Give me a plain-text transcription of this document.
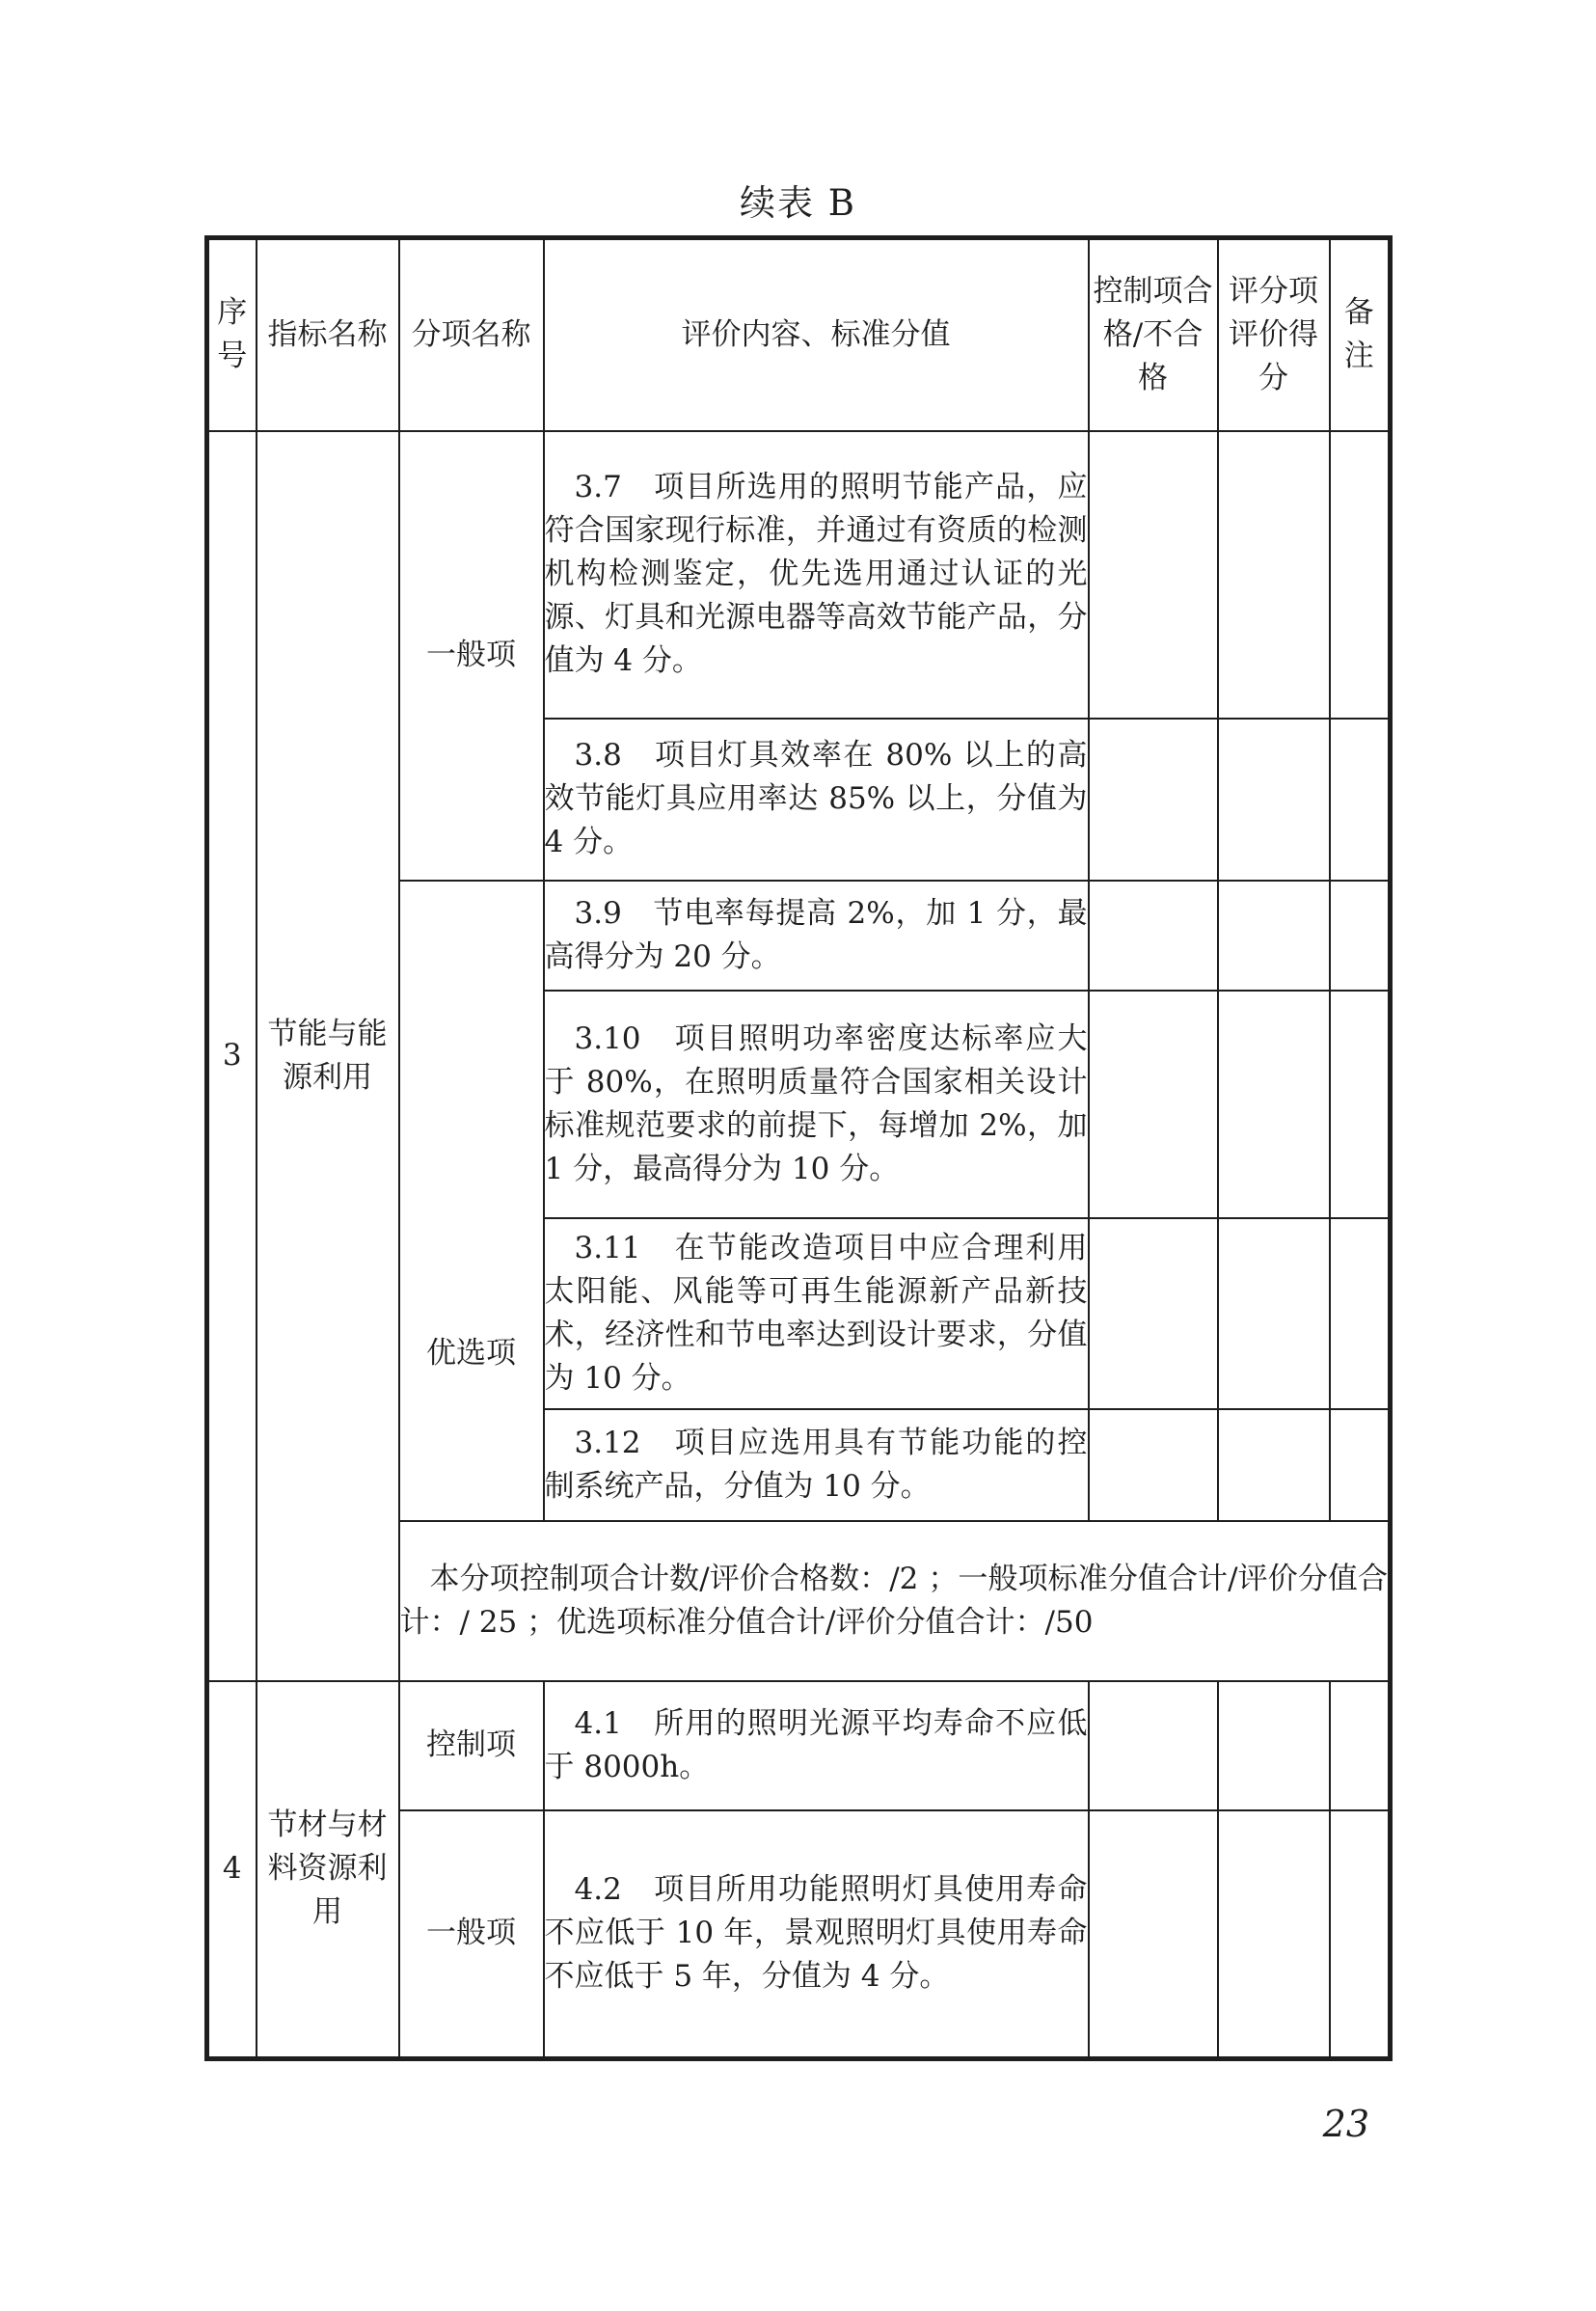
续表 B
序号	指标名称	分项名称	评价内容、标准分值	控制项合格/不合格	评分项评价得分	备注
3	节能与能源利用	一般项	3.7　项目所选用的照明节能产品，应符合国家现行标准，并通过有资质的检测机构检测鉴定，优先选用通过认证的光源、灯具和光源电器等高效节能产品，分值为 4 分。			
			3.8　项目灯具效率在 80% 以上的高效节能灯具应用率达 85% 以上，分值为 4 分。			
		优选项	3.9　节电率每提高 2%，加 1 分，最高得分为 20 分。			
			3.10　项目照明功率密度达标率应大于 80%，在照明质量符合国家相关设计标准规范要求的前提下，每增加 2%，加 1 分，最高得分为 10 分。			
			3.11　在节能改造项目中应合理利用太阳能、风能等可再生能源新产品新技术，经济性和节电率达到设计要求，分值为 10 分。			
			3.12　项目应选用具有节能功能的控制系统产品，分值为 10 分。			
		本分项控制项合计数/评价合格数：/2 ；一般项标准分值合计/评价分值合计：/ 25 ；优选项标准分值合计/评价分值合计：/50				
4	节材与材料资源利用	控制项	4.1　所用的照明光源平均寿命不应低于 8000h。			
		一般项	4.2　项目所用功能照明灯具使用寿命不应低于 10 年，景观照明灯具使用寿命不应低于 5 年，分值为 4 分。			
23
